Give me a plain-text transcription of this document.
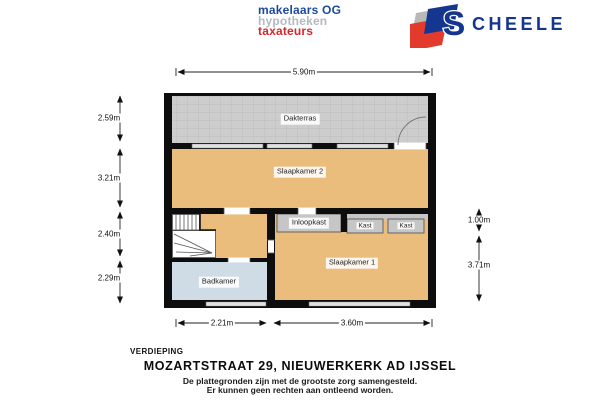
makelaars OG
hypotheken
taxateurs	S CHEELE
Dakterras
Slaapkamer 2
Inloopkast	Kast	Kast
Slaapkamer 1
Badkamer
5.90m
2.59m
3.21m
2.40m
2.29m
1.00m
3.71m
2.21m	3.60m
VERDIEPING
MOZARTSTRAAT 29, NIEUWERKERK AD IJSSEL
De plattegronden zijn met de grootste zorg samengesteld.
Er kunnen geen rechten aan ontleend worden.
